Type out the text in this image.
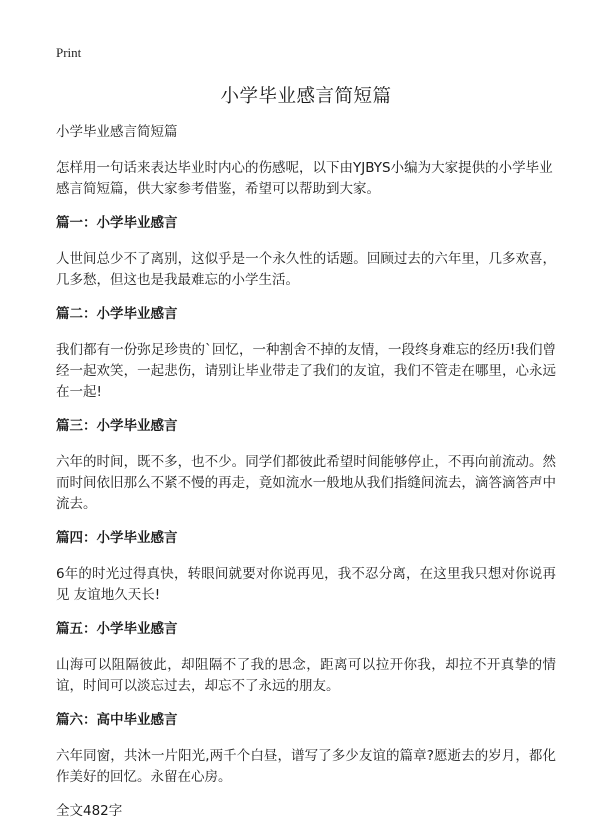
Print
小学毕业感言简短篇
小学毕业感言简短篇

怎样用一句话来表达毕业时内心的伤感呢，以下由YJBYS小编为大家提供的小学毕业感言简短篇，供大家参考借鉴，希望可以帮助到大家。

篇一：小学毕业感言

人世间总少不了离别，这似乎是一个永久性的话题。回顾过去的六年里，几多欢喜，几多愁，但这也是我最难忘的小学生活。

篇二：小学毕业感言

我们都有一份弥足珍贵的`回忆，一种割舍不掉的友情，一段终身难忘的经历!我们曾经一起欢笑，一起悲伤，请别让毕业带走了我们的友谊，我们不管走在哪里，心永远在一起!

篇三：小学毕业感言

六年的时间，既不多，也不少。同学们都彼此希望时间能够停止，不再向前流动。然而时间依旧那么不紧不慢的再走，竟如流水一般地从我们指缝间流去，滴答滴答声中流去。

篇四：小学毕业感言

6年的时光过得真快，转眼间就要对你说再见，我不忍分离，在这里我只想对你说再见 友谊地久天长!

篇五：小学毕业感言

山海可以阻隔彼此，却阻隔不了我的思念，距离可以拉开你我，却拉不开真挚的情谊，时间可以淡忘过去，却忘不了永远的朋友。

篇六：高中毕业感言

六年同窗，共沐一片阳光,两千个白昼，谱写了多少友谊的篇章?愿逝去的岁月，都化作美好的回忆。永留在心房。

全文482字
